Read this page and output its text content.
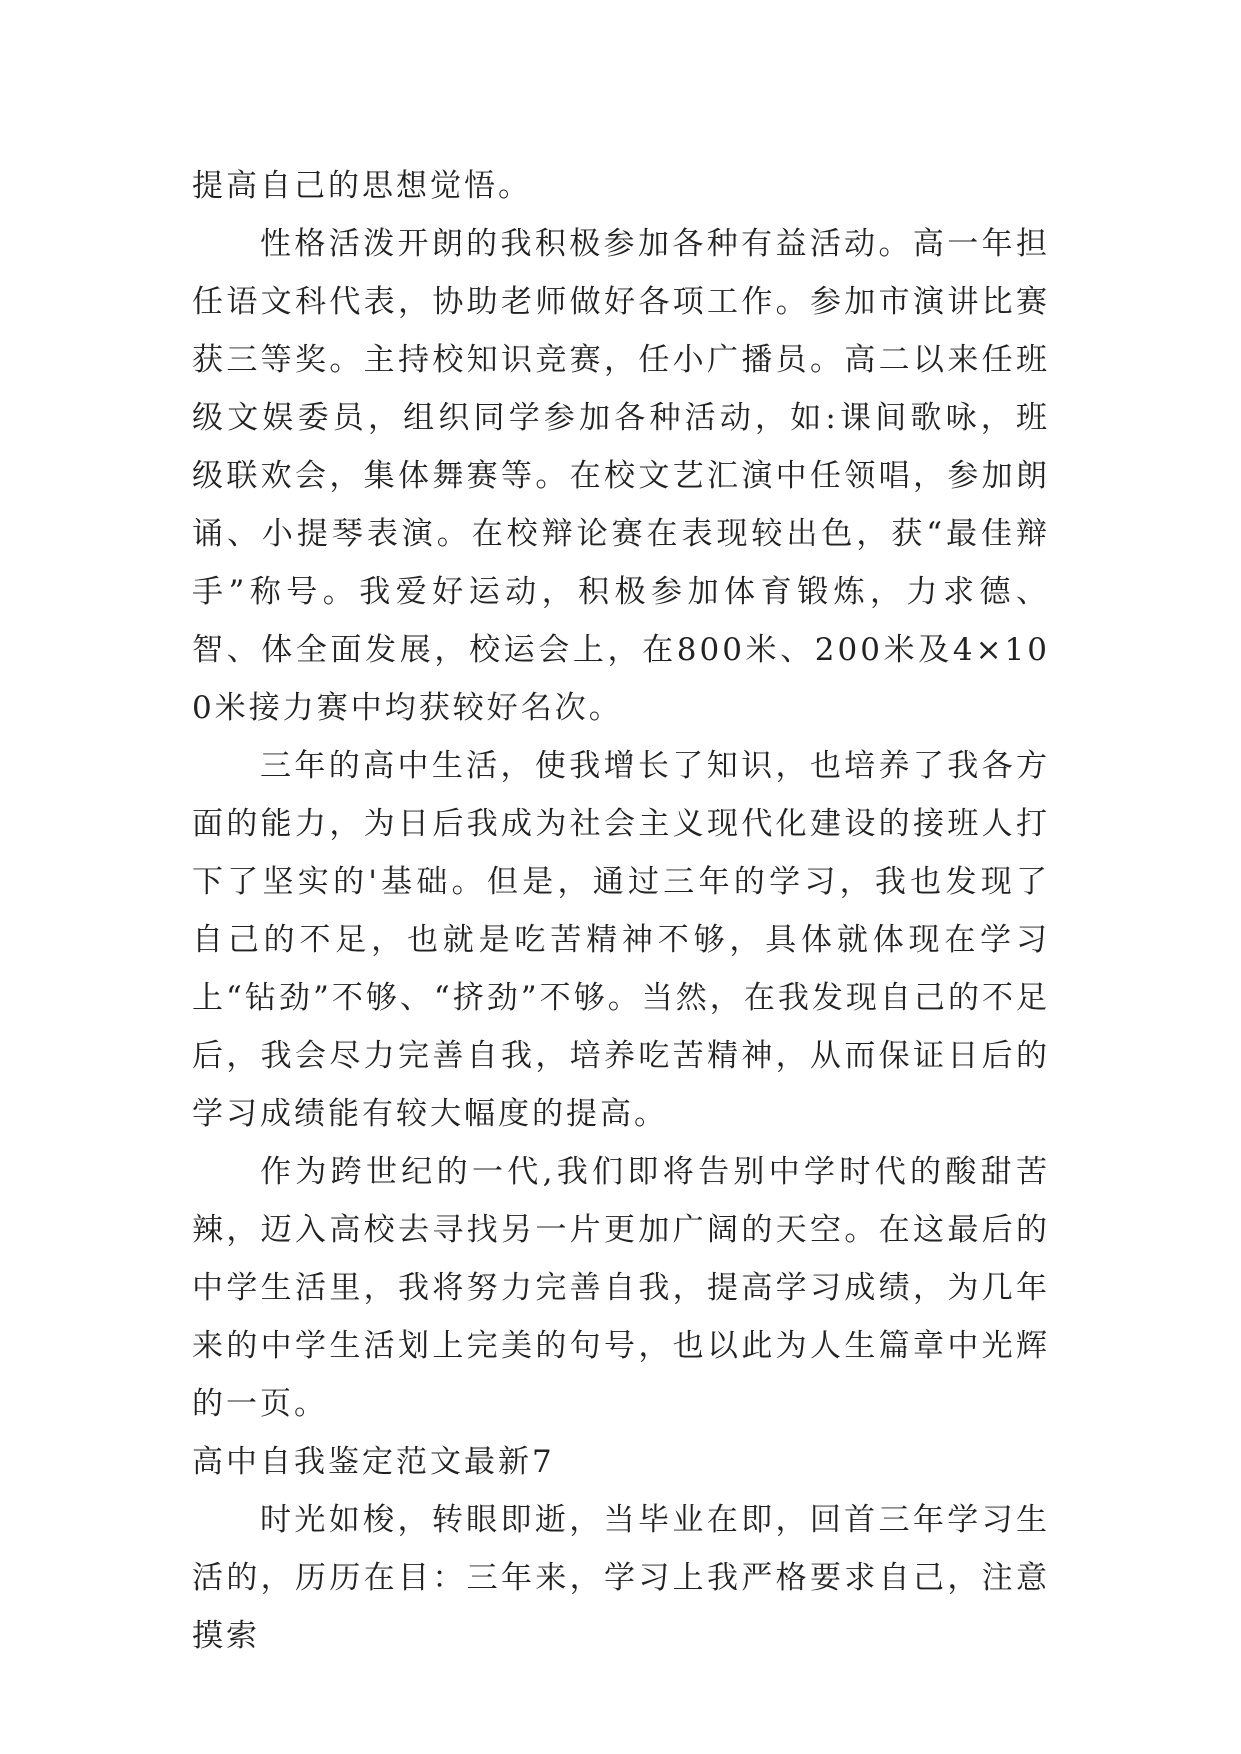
提高自己的思想觉悟。

性格活泼开朗的我积极参加各种有益活动。高一年担任语文科代表，协助老师做好各项工作。参加市演讲比赛获三等奖。主持校知识竞赛，任小广播员。高二以来任班级文娱委员，组织同学参加各种活动，如:课间歌咏，班级联欢会，集体舞赛等。在校文艺汇演中任领唱，参加朗诵、小提琴表演。在校辩论赛在表现较出色，获“最佳辩手”称号。我爱好运动，积极参加体育锻炼，力求德、智、体全面发展，校运会上，在800米、200米及4×100米接力赛中均获较好名次。

三年的高中生活，使我增长了知识，也培养了我各方面的能力，为日后我成为社会主义现代化建设的接班人打下了坚实的'基础。但是，通过三年的学习，我也发现了自己的不足，也就是吃苦精神不够，具体就体现在学习上“钻劲”不够、“挤劲”不够。当然，在我发现自己的不足后，我会尽力完善自我，培养吃苦精神，从而保证日后的学习成绩能有较大幅度的提高。

作为跨世纪的一代,我们即将告别中学时代的酸甜苦辣，迈入高校去寻找另一片更加广阔的天空。在这最后的中学生活里，我将努力完善自我，提高学习成绩，为几年来的中学生活划上完美的句号，也以此为人生篇章中光辉的一页。

高中自我鉴定范文最新7

时光如梭，转眼即逝，当毕业在即，回首三年学习生活的，历历在目：三年来，学习上我严格要求自己，注意摸索
